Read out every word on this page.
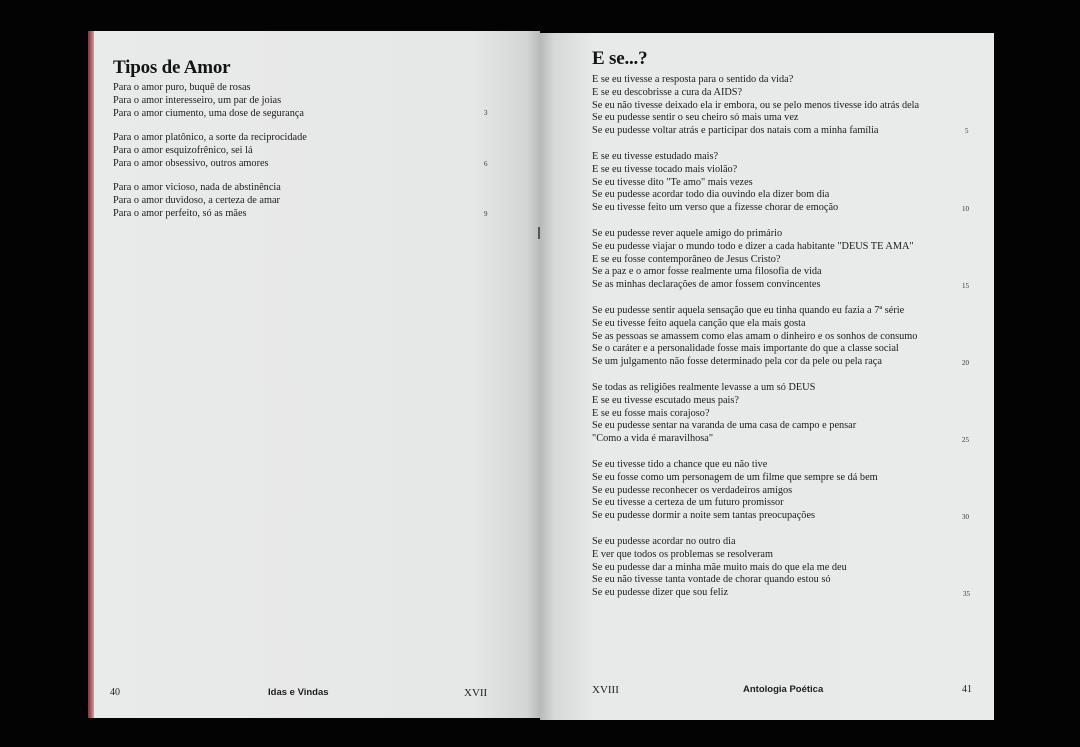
Tipos de Amor
Para o amor puro, buquê de rosas
Para o amor interesseiro, um par de joias
Para o amor ciumento, uma dose de segurança	3
Para o amor platônico, a sorte da reciprocidade
Para o amor esquizofrênico, sei lá
Para o amor obsessivo, outros amores	6
Para o amor vicioso, nada de abstinência
Para o amor duvidoso, a certeza de amar
Para o amor perfeito, só as mães	9
40	Idas e Vindas	XVII
E se...?
E se eu tivesse a resposta para o sentido da vida?
E se eu descobrisse a cura da AIDS?
Se eu não tivesse deixado ela ir embora, ou se pelo menos tivesse ido atrás dela
Se eu pudesse sentir o seu cheiro só mais uma vez
Se eu pudesse voltar atrás e participar dos natais com a minha família	5
E se eu tivesse estudado mais?
E se eu tivesse tocado mais violão?
Se eu tivesse dito "Te amo" mais vezes
Se eu pudesse acordar todo dia ouvindo ela dizer bom dia
Se eu tivesse feito um verso que a fizesse chorar de emoção	10
Se eu pudesse rever aquele amigo do primário
Se eu pudesse viajar o mundo todo e dizer a cada habitante "DEUS TE AMA"
E se eu fosse contemporâneo de Jesus Cristo?
Se a paz e o amor fosse realmente uma filosofia de vida
Se as minhas declarações de amor fossem convincentes	15
Se eu pudesse sentir aquela sensação que eu tinha quando eu fazia a 7ª série
Se eu tivesse feito aquela canção que ela mais gosta
Se as pessoas se amassem como elas amam o dinheiro e os sonhos de consumo
Se o caráter e a personalidade fosse mais importante do que a classe social
Se um julgamento não fosse determinado pela cor da pele ou pela raça	20
Se todas as religiões realmente levasse a um só DEUS
E se eu tivesse escutado meus pais?
E se eu fosse mais corajoso?
Se eu pudesse sentar na varanda de uma casa de campo e pensar
"Como a vida é maravilhosa"	25
Se eu tivesse tido a chance que eu não tive
Se eu fosse como um personagem de um filme que sempre se dá bem
Se eu pudesse reconhecer os verdadeiros amigos
Se eu tivesse a certeza de um futuro promissor
Se eu pudesse dormir a noite sem tantas preocupações	30
Se eu pudesse acordar no outro dia
E ver que todos os problemas se resolveram
Se eu pudesse dar a minha mãe muito mais do que ela me deu
Se eu não tivesse tanta vontade de chorar quando estou só
Se eu pudesse dizer que sou feliz	35
XVIII	Antologia Poética	41
